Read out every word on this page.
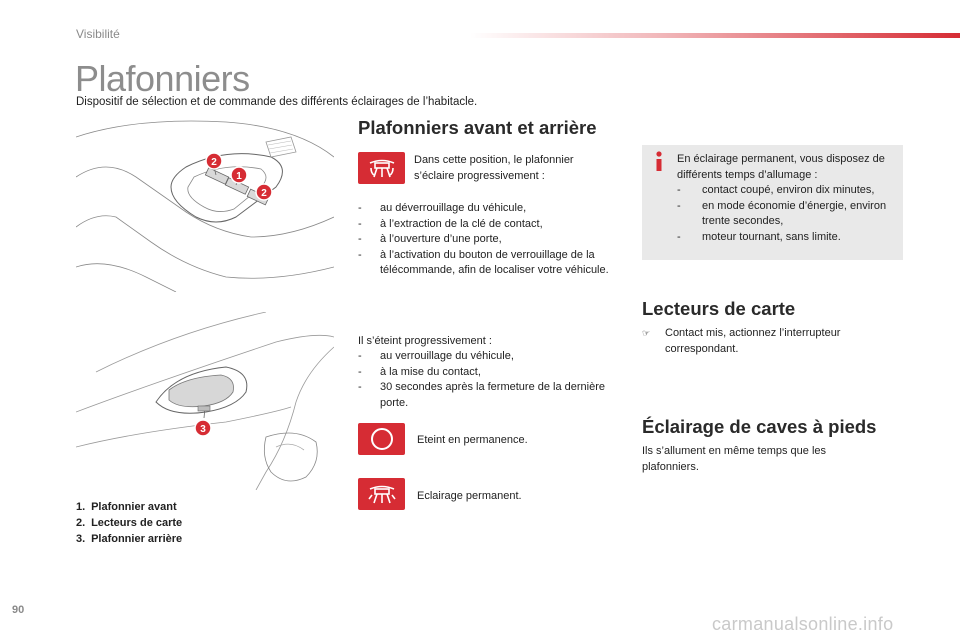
Visibilité
Plafonniers
Dispositif de sélection et de commande des différents éclairages de l’habitacle.
2
1
2
3
1. Plafonnier avant
2. Lecteurs de carte
3. Plafonnier arrière
Plafonniers avant et arrière
Dans cette position, le plafonnier s’éclaire progressivement :
- au déverrouillage du véhicule,
- à l’extraction de la clé de contact,
- à l’ouverture d’une porte,
- à l’activation du bouton de verrouillage de la télécommande, afin de localiser votre véhicule.
Il s’éteint progressivement :
- au verrouillage du véhicule,
- à la mise du contact,
- 30 secondes après la fermeture de la dernière porte.
Eteint en permanence.
Eclairage permanent.
En éclairage permanent, vous disposez de différents temps d’allumage :
- contact coupé, environ dix minutes,
- en mode économie d’énergie, environ trente secondes,
- moteur tournant, sans limite.
Lecteurs de carte
☞	Contact mis, actionnez l’interrupteur correspondant.
Éclairage de caves à pieds
Ils s’allument en même temps que les plafonniers.
90
carmanualsonline.info
